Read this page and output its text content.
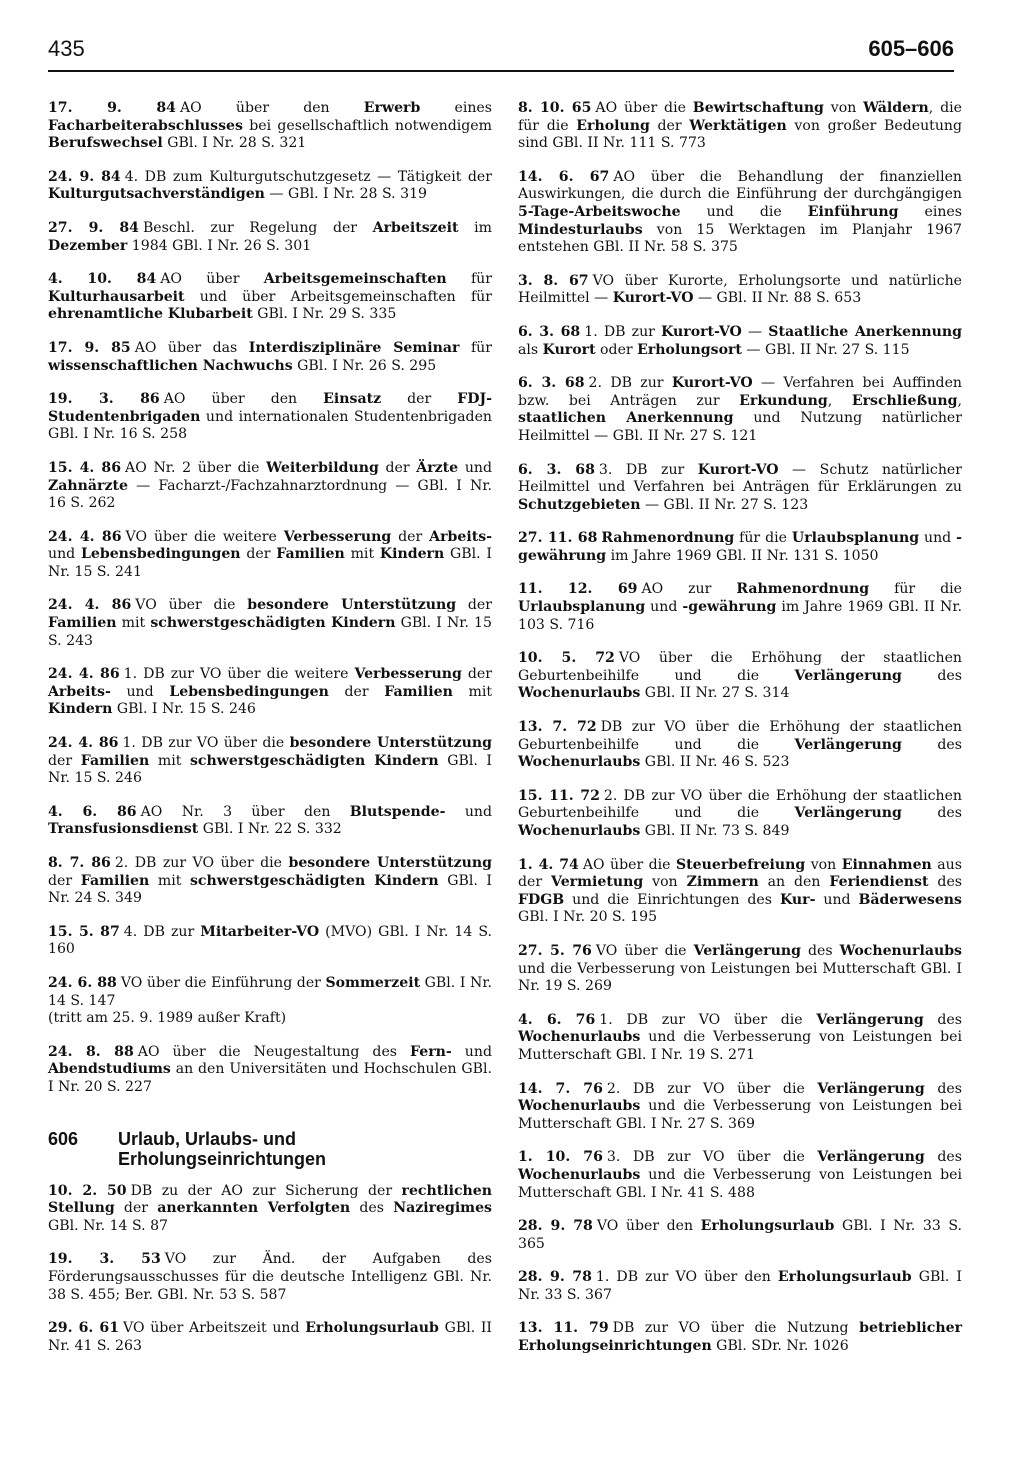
435	605–606
17. 9. 84 AO über den Erwerb eines Facharbeiterabschlusses bei gesellschaftlich notwendigem Berufswechsel GBl. I Nr. 28 S. 321
24. 9. 84 4. DB zum Kulturgutschutzgesetz — Tätigkeit der Kulturgutsachverständigen — GBl. I Nr. 28 S. 319
27. 9. 84 Beschl. zur Regelung der Arbeitszeit im Dezember 1984 GBl. I Nr. 26 S. 301
4. 10. 84 AO über Arbeitsgemeinschaften für Kulturhausarbeit und über Arbeitsgemeinschaften für ehrenamtliche Klubarbeit GBl. I Nr. 29 S. 335
17. 9. 85 AO über das Interdisziplinäre Seminar für wissenschaftlichen Nachwuchs GBl. I Nr. 26 S. 295
19. 3. 86 AO über den Einsatz der FDJ-Studentenbrigaden und internationalen Studentenbrigaden GBl. I Nr. 16 S. 258
15. 4. 86 AO Nr. 2 über die Weiterbildung der Ärzte und Zahnärzte — Facharzt-/Fachzahnarztordnung — GBl. I Nr. 16 S. 262
24. 4. 86 VO über die weitere Verbesserung der Arbeits- und Lebensbedingungen der Familien mit Kindern GBl. I Nr. 15 S. 241
24. 4. 86 VO über die besondere Unterstützung der Familien mit schwerstgeschädigten Kindern GBl. I Nr. 15 S. 243
24. 4. 86 1. DB zur VO über die weitere Verbesserung der Arbeits- und Lebensbedingungen der Familien mit Kindern GBl. I Nr. 15 S. 246
24. 4. 86 1. DB zur VO über die besondere Unterstützung der Familien mit schwerstgeschädigten Kindern GBl. I Nr. 15 S. 246
4. 6. 86 AO Nr. 3 über den Blutspende- und Transfusionsdienst GBl. I Nr. 22 S. 332
8. 7. 86 2. DB zur VO über die besondere Unterstützung der Familien mit schwerstgeschädigten Kindern GBl. I Nr. 24 S. 349
15. 5. 87 4. DB zur Mitarbeiter-VO (MVO) GBl. I Nr. 14 S. 160
24. 6. 88 VO über die Einführung der Sommerzeit GBl. I Nr. 14 S. 147
(tritt am 25. 9. 1989 außer Kraft)
24. 8. 88 AO über die Neugestaltung des Fern- und Abendstudiums an den Universitäten und Hochschulen GBl. I Nr. 20 S. 227
606	Urlaub, Urlaubs- und Erholungseinrichtungen
10. 2. 50 DB zu der AO zur Sicherung der rechtlichen Stellung der anerkannten Verfolgten des Naziregimes GBl. Nr. 14 S. 87
19. 3. 53 VO zur Änd. der Aufgaben des Förderungsausschusses für die deutsche Intelligenz GBl. Nr. 38 S. 455; Ber. GBl. Nr. 53 S. 587
29. 6. 61 VO über Arbeitszeit und Erholungsurlaub GBl. II Nr. 41 S. 263
8. 10. 65 AO über die Bewirtschaftung von Wäldern, die für die Erholung der Werktätigen von großer Bedeutung sind GBl. II Nr. 111 S. 773
14. 6. 67 AO über die Behandlung der finanziellen Auswirkungen, die durch die Einführung der durchgängigen 5-Tage-Arbeitswoche und die Einführung eines Mindesturlaubs von 15 Werktagen im Planjahr 1967 entstehen GBl. II Nr. 58 S. 375
3. 8. 67 VO über Kurorte, Erholungsorte und natürliche Heilmittel — Kurort-VO — GBl. II Nr. 88 S. 653
6. 3. 68 1. DB zur Kurort-VO — Staatliche Anerkennung als Kurort oder Erholungsort — GBl. II Nr. 27 S. 115
6. 3. 68 2. DB zur Kurort-VO — Verfahren bei Auffinden bzw. bei Anträgen zur Erkundung, Erschließung, staatlichen Anerkennung und Nutzung natürlicher Heilmittel — GBl. II Nr. 27 S. 121
6. 3. 68 3. DB zur Kurort-VO — Schutz natürlicher Heilmittel und Verfahren bei Anträgen für Erklärungen zu Schutzgebieten — GBl. II Nr. 27 S. 123
27. 11. 68 Rahmenordnung für die Urlaubsplanung und -gewährung im Jahre 1969 GBl. II Nr. 131 S. 1050
11. 12. 69 AO zur Rahmenordnung für die Urlaubsplanung und -gewährung im Jahre 1969 GBl. II Nr. 103 S. 716
10. 5. 72 VO über die Erhöhung der staatlichen Geburtenbeihilfe und die Verlängerung des Wochenurlaubs GBl. II Nr. 27 S. 314
13. 7. 72 DB zur VO über die Erhöhung der staatlichen Geburtenbeihilfe und die Verlängerung des Wochenurlaubs GBl. II Nr. 46 S. 523
15. 11. 72 2. DB zur VO über die Erhöhung der staatlichen Geburtenbeihilfe und die Verlängerung des Wochenurlaubs GBl. II Nr. 73 S. 849
1. 4. 74 AO über die Steuerbefreiung von Einnahmen aus der Vermietung von Zimmern an den Feriendienst des FDGB und die Einrichtungen des Kur- und Bäderwesens GBl. I Nr. 20 S. 195
27. 5. 76 VO über die Verlängerung des Wochenurlaubs und die Verbesserung von Leistungen bei Mutterschaft GBl. I Nr. 19 S. 269
4. 6. 76 1. DB zur VO über die Verlängerung des Wochenurlaubs und die Verbesserung von Leistungen bei Mutterschaft GBl. I Nr. 19 S. 271
14. 7. 76 2. DB zur VO über die Verlängerung des Wochenurlaubs und die Verbesserung von Leistungen bei Mutterschaft GBl. I Nr. 27 S. 369
1. 10. 76 3. DB zur VO über die Verlängerung des Wochenurlaubs und die Verbesserung von Leistungen bei Mutterschaft GBl. I Nr. 41 S. 488
28. 9. 78 VO über den Erholungsurlaub GBl. I Nr. 33 S. 365
28. 9. 78 1. DB zur VO über den Erholungsurlaub GBl. I Nr. 33 S. 367
13. 11. 79 DB zur VO über die Nutzung betrieblicher Erholungseinrichtungen GBl. SDr. Nr. 1026
